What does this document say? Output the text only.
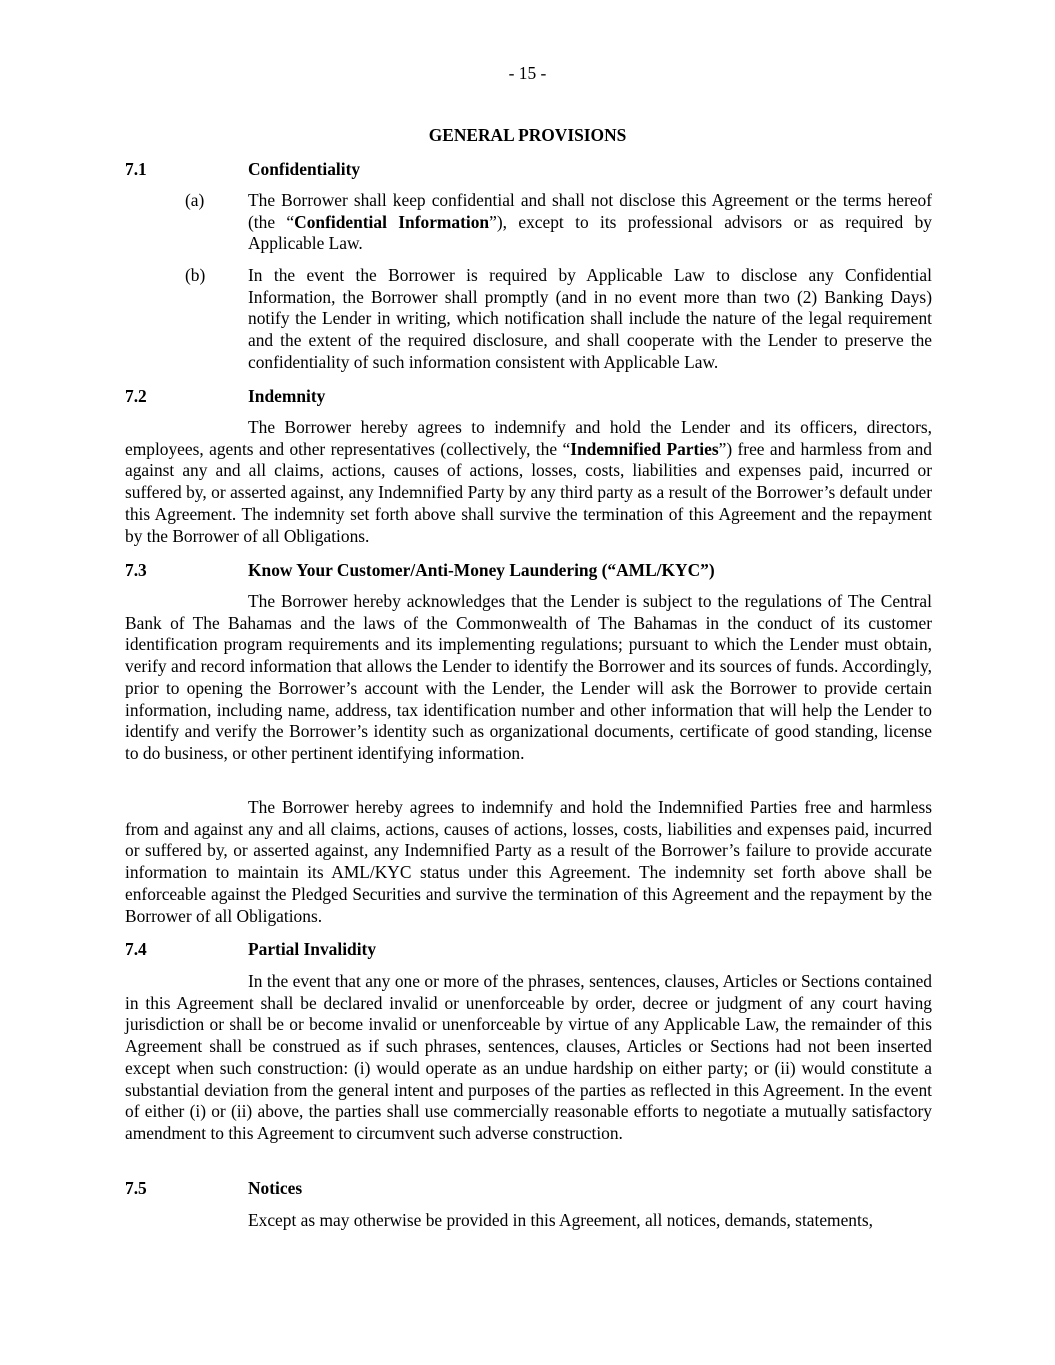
- 15 -
GENERAL PROVISIONS
7.1	Confidentiality
(a)	The Borrower shall keep confidential and shall not disclose this Agreement or the terms hereof (the “Confidential Information”), except to its professional advisors or as required by Applicable Law.
(b) In the event the Borrower is required by Applicable Law to disclose any Confidential Information, the Borrower shall promptly (and in no event more than two (2) Banking Days) notify the Lender in writing, which notification shall include the nature of the legal requirement and the extent of the required disclosure, and shall cooperate with the Lender to preserve the confidentiality of such information consistent with Applicable Law.
7.2	Indemnity
The Borrower hereby agrees to indemnify and hold the Lender and its officers, directors, employees, agents and other representatives (collectively, the “Indemnified Parties”) free and harmless from and against any and all claims, actions, causes of actions, losses, costs, liabilities and expenses paid, incurred or suffered by, or asserted against, any Indemnified Party by any third party as a result of the Borrower’s default under this Agreement. The indemnity set forth above shall survive the termination of this Agreement and the repayment by the Borrower of all Obligations.
7.3	Know Your Customer/Anti-Money Laundering (“AML/KYC”)
The Borrower hereby acknowledges that the Lender is subject to the regulations of The Central Bank of The Bahamas and the laws of the Commonwealth of The Bahamas in the conduct of its customer identification program requirements and its implementing regulations; pursuant to which the Lender must obtain, verify and record information that allows the Lender to identify the Borrower and its sources of funds. Accordingly, prior to opening the Borrower’s account with the Lender, the Lender will ask the Borrower to provide certain information, including name, address, tax identification number and other information that will help the Lender to identify and verify the Borrower’s identity such as organizational documents, certificate of good standing, license to do business, or other pertinent identifying information.
The Borrower hereby agrees to indemnify and hold the Indemnified Parties free and harmless from and against any and all claims, actions, causes of actions, losses, costs, liabilities and expenses paid, incurred or suffered by, or asserted against, any Indemnified Party as a result of the Borrower’s failure to provide accurate information to maintain its AML/KYC status under this Agreement. The indemnity set forth above shall be enforceable against the Pledged Securities and survive the termination of this Agreement and the repayment by the Borrower of all Obligations.
7.4	Partial Invalidity
In the event that any one or more of the phrases, sentences, clauses, Articles or Sections contained in this Agreement shall be declared invalid or unenforceable by order, decree or judgment of any court having jurisdiction or shall be or become invalid or unenforceable by virtue of any Applicable Law, the remainder of this Agreement shall be construed as if such phrases, sentences, clauses, Articles or Sections had not been inserted except when such construction: (i) would operate as an undue hardship on either party; or (ii) would constitute a substantial deviation from the general intent and purposes of the parties as reflected in this Agreement. In the event of either (i) or (ii) above, the parties shall use commercially reasonable efforts to negotiate a mutually satisfactory amendment to this Agreement to circumvent such adverse construction.
7.5	Notices
Except as may otherwise be provided in this Agreement, all notices, demands, statements,
